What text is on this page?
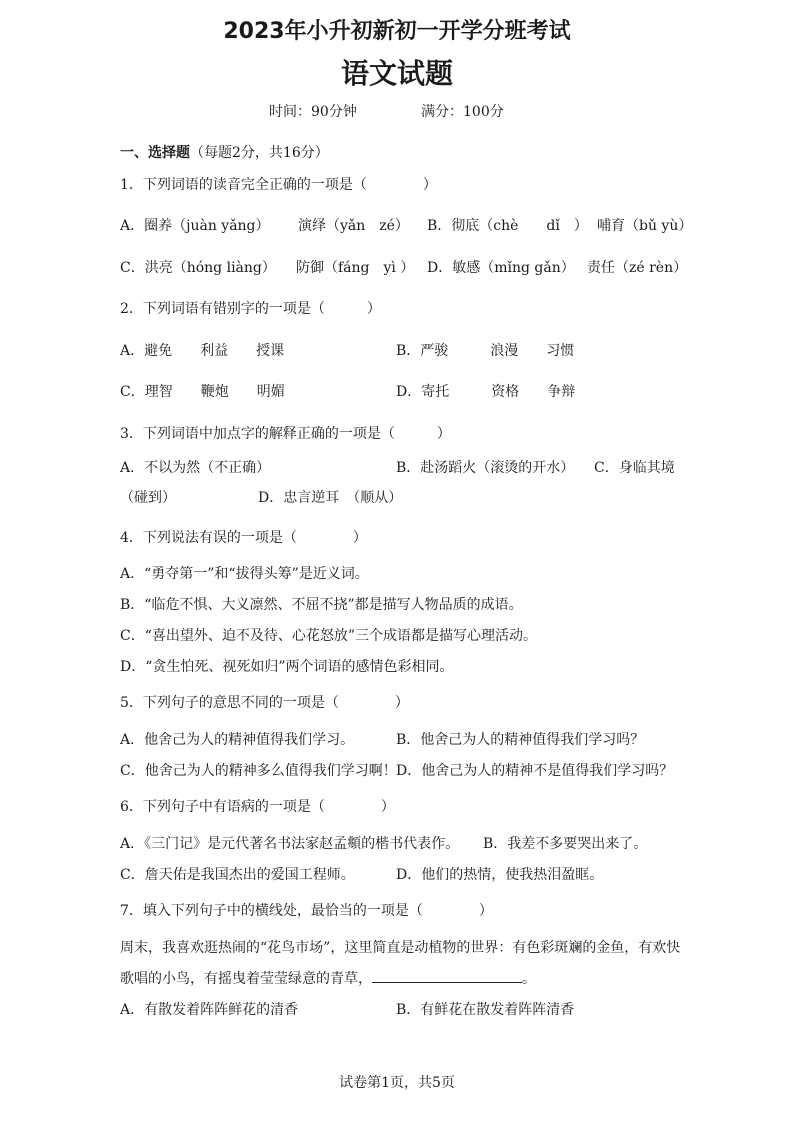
2023年小升初新初一开学分班考试
语文试题
时间：90分钟	满分：100分
一、选择题（每题2分，共16分）
1．下列词语的读音完全正确的一项是（　　　　）
A．圈养（juàn yǎng） 演绎（yǎn　zé） B．彻底（chè　　dǐ　） 哺育（bǔ yù）
C．洪亮（hóng liàng） 防御（fáng　yì ） D．敏感（mǐng gǎn） 责任（zé rèn）
2．下列词语有错别字的一项是（　　　）
A．避免　　利益　　授课	B．严骏　　　浪漫　　习惯
C．理智　　鞭炮　　明媚	D．寄托　　　资格　　争辩
3．下列词语中加点字的解释正确的一项是（　　　）
A．不以为然（不正确）	B．赴汤蹈火（滚烫的开水） C．身临其境
（碰到）	D．忠言逆耳　（顺从）
4．下列说法有误的一项是（　　　　）
A．“勇夺第一”和“拔得头筹”是近义词。
B．“临危不惧、大义凛然、不屈不挠”都是描写人物品质的成语。
C．“喜出望外、迫不及待、心花怒放”三个成语都是描写心理活动。
D．“贪生怕死、视死如归”两个词语的感情色彩相同。
5．下列句子的意思不同的一项是（　　　　）
A．他舍己为人的精神值得我们学习。	B．他舍己为人的精神值得我们学习吗？
C．他舍己为人的精神多么值得我们学习啊！ D．他舍己为人的精神不是值得我们学习吗？
6．下列句子中有语病的一项是（　　　　）
A．《三门记》是元代著名书法家赵孟頫的楷书代表作。 B．我差不多要哭出来了。
C．詹天佑是我国杰出的爱国工程师。	D．他们的热情，使我热泪盈眶。
7．填入下列句子中的横线处，最恰当的一项是（　　　　）
周末，我喜欢逛热闹的“花鸟市场”，这里简直是动植物的世界：有色彩斑斓的金鱼，有欢快
歌唱的小鸟，有摇曳着莹莹绿意的青草，	。
A．有散发着阵阵鲜花的清香	B．有鲜花在散发着阵阵清香
试卷第1页，共5页
